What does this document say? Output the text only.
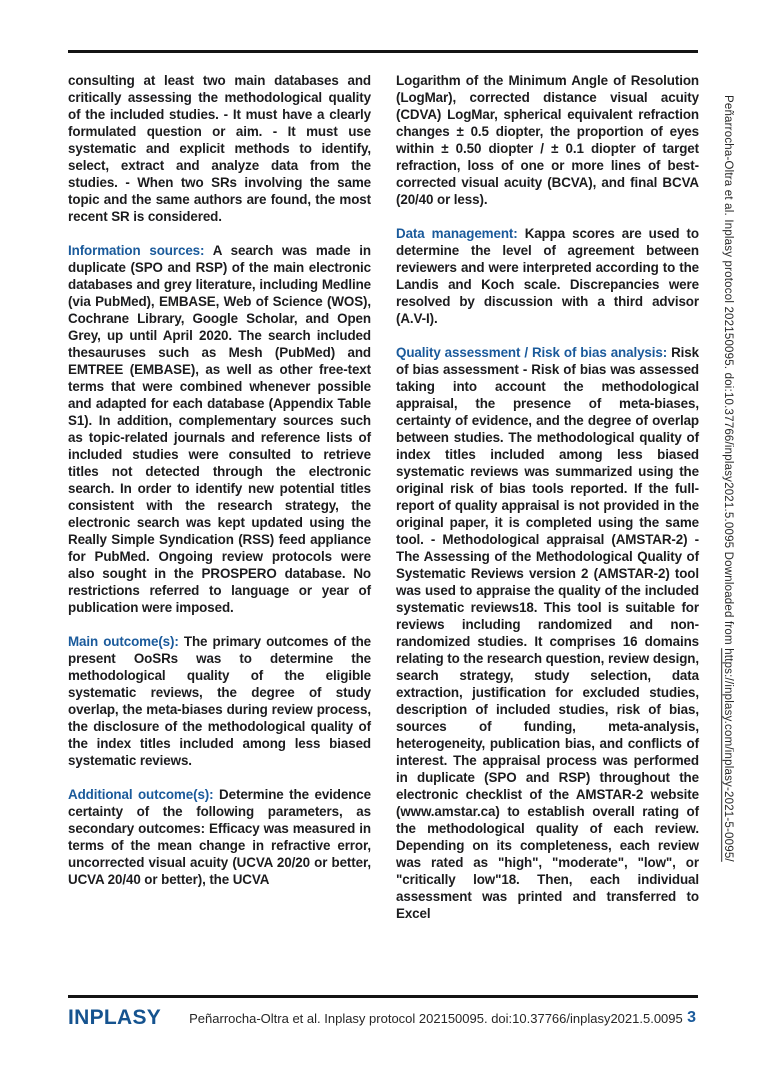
consulting at least two main databases and critically assessing the methodological quality of the included studies. - It must have a clearly formulated question or aim. - It must use systematic and explicit methods to identify, select, extract and analyze data from the studies. - When two SRs involving the same topic and the same authors are found, the most recent SR is considered.

Information sources: A search was made in duplicate (SPO and RSP) of the main electronic databases and grey literature, including Medline (via PubMed), EMBASE, Web of Science (WOS), Cochrane Library, Google Scholar, and Open Grey, up until April 2020. The search included thesauruses such as Mesh (PubMed) and EMTREE (EMBASE), as well as other free-text terms that were combined whenever possible and adapted for each database (Appendix Table S1). In addition, complementary sources such as topic-related journals and reference lists of included studies were consulted to retrieve titles not detected through the electronic search. In order to identify new potential titles consistent with the research strategy, the electronic search was kept updated using the Really Simple Syndication (RSS) feed appliance for PubMed. Ongoing review protocols were also sought in the PROSPERO database. No restrictions referred to language or year of publication were imposed.

Main outcome(s): The primary outcomes of the present OoSRs was to determine the methodological quality of the eligible systematic reviews, the degree of study overlap, the meta-biases during review process, the disclosure of the methodological quality of the index titles included among less biased systematic reviews.

Additional outcome(s): Determine the evidence certainty of the following parameters, as secondary outcomes: Efficacy was measured in terms of the mean change in refractive error, uncorrected visual acuity (UCVA 20/20 or better, UCVA 20/40 or better), the UCVA

Logarithm of the Minimum Angle of Resolution (LogMar), corrected distance visual acuity (CDVA) LogMar, spherical equivalent refraction changes ± 0.5 diopter, the proportion of eyes within ± 0.50 diopter / ± 0.1 diopter of target refraction, loss of one or more lines of best-corrected visual acuity (BCVA), and final BCVA (20/40 or less).

Data management: Kappa scores are used to determine the level of agreement between reviewers and were interpreted according to the Landis and Koch scale. Discrepancies were resolved by discussion with a third advisor (A.V-I).

Quality assessment / Risk of bias analysis: Risk of bias assessment - Risk of bias was assessed taking into account the methodological appraisal, the presence of meta-biases, certainty of evidence, and the degree of overlap between studies. The methodological quality of index titles included among less biased systematic reviews was summarized using the original risk of bias tools reported. If the full-report of quality appraisal is not provided in the original paper, it is completed using the same tool. - Methodological appraisal (AMSTAR-2) - The Assessing of the Methodological Quality of Systematic Reviews version 2 (AMSTAR-2) tool was used to appraise the quality of the included systematic reviews18. This tool is suitable for reviews including randomized and non-randomized studies. It comprises 16 domains relating to the research question, review design, search strategy, study selection, data extraction, justification for excluded studies, description of included studies, risk of bias, sources of funding, meta-analysis, heterogeneity, publication bias, and conflicts of interest. The appraisal process was performed in duplicate (SPO and RSP) throughout the electronic checklist of the AMSTAR-2 website (www.amstar.ca) to establish overall rating of the methodological quality of each review. Depending on its completeness, each review was rated as "high", "moderate", "low", or "critically low"18. Then, each individual assessment was printed and transferred to Excel

Peñarrocha-Oltra et al. Inplasy protocol 202150095. doi:10.37766/inplasy2021.5.0095 Downloaded from https://inplasy.com/inplasy-2021-5-0095/
INPLASY Peñarrocha-Oltra et al. Inplasy protocol 202150095. doi:10.37766/inplasy2021.5.0095 3
